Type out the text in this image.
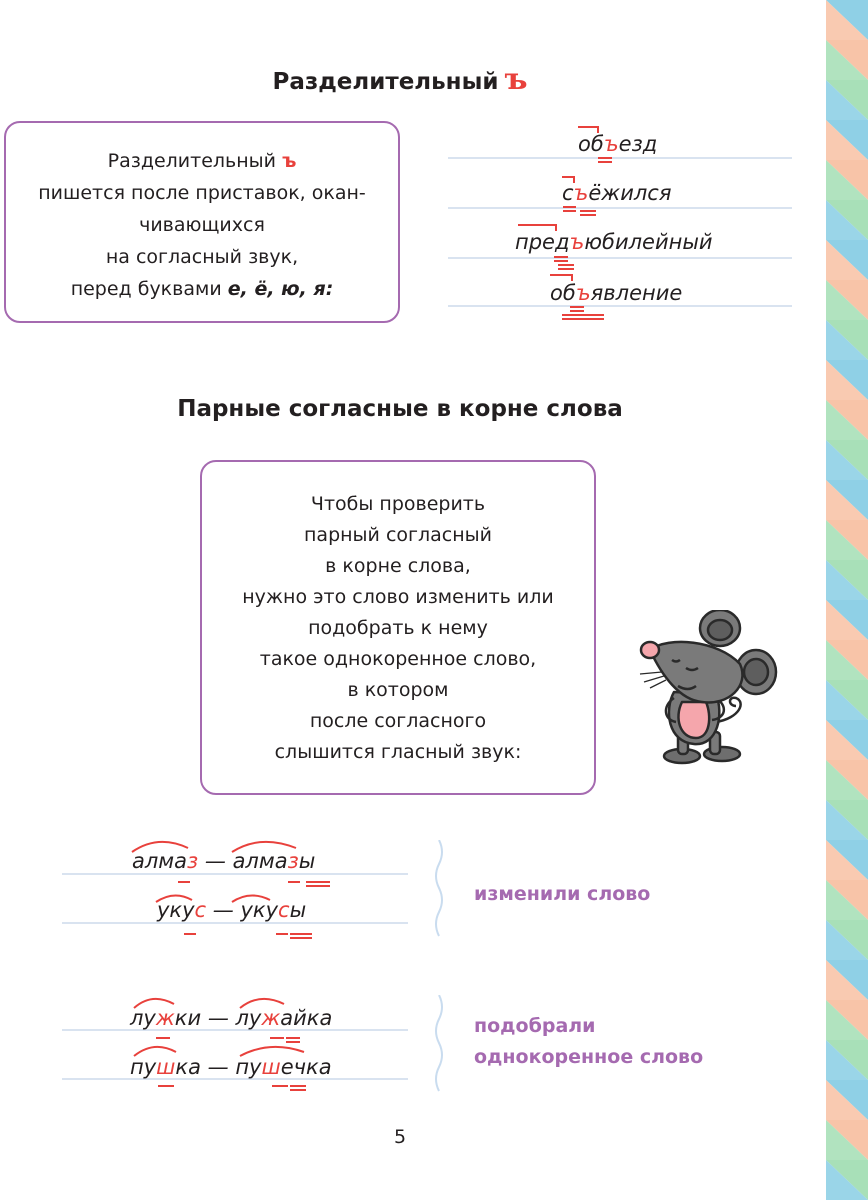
Разделительный ъ
Разделительный ъ
пишется после приставок, окан-
чивающихся
на согласный звук,
перед буквами е, ё, ю, я:
объезд
съёжился
предъюбилейный
объявление
Парные согласные в корне слова
Чтобы проверить
парный согласный
в корне слова,
нужно это слово изменить или
подобрать к нему
такое однокоренное слово,
в котором
после согласного
слышится гласный звук:
алмаз — алмазы
укус — укусы
изменили слово
лужки — лужайка
пушка — пушечка
подобрали
однокоренное слово
5
